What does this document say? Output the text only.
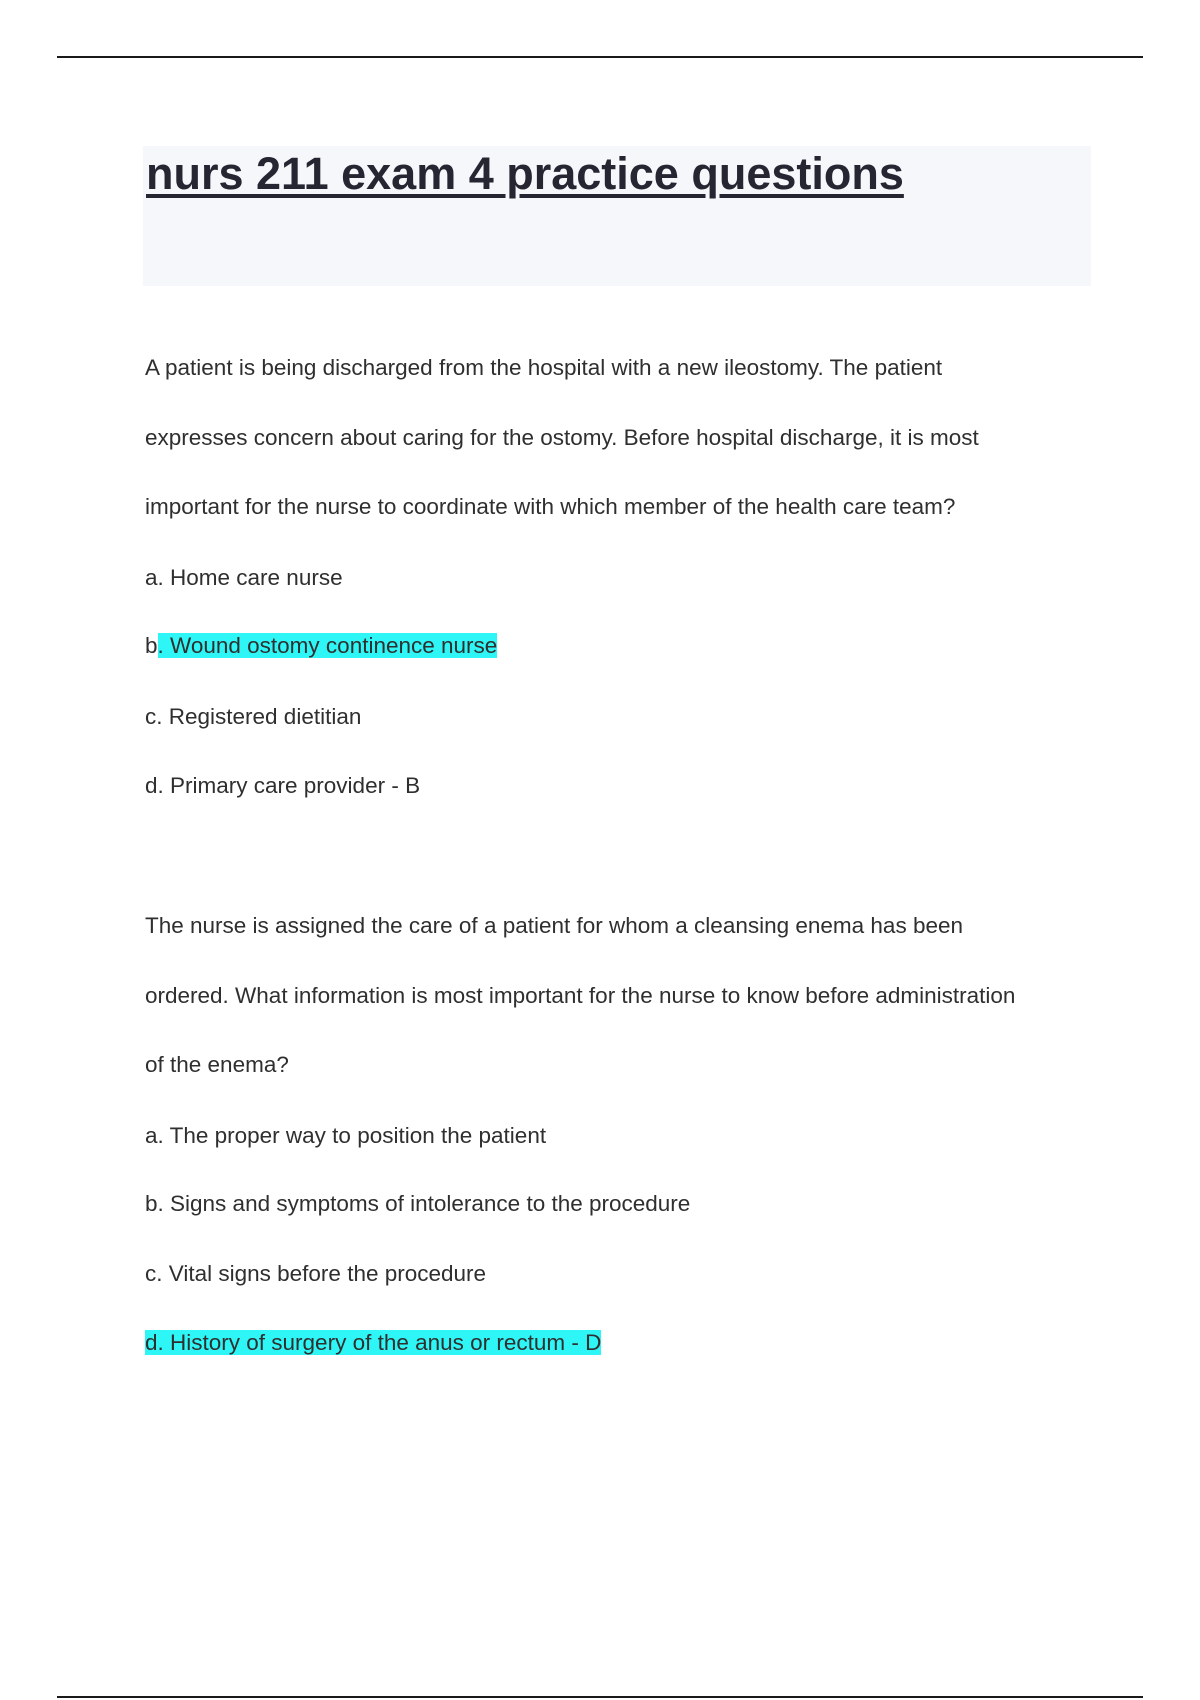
nurs 211 exam 4 practice questions
A patient is being discharged from the hospital with a new ileostomy. The patient
expresses concern about caring for the ostomy. Before hospital discharge, it is most
important for the nurse to coordinate with which member of the health care team?
a. Home care nurse
b. Wound ostomy continence nurse
c. Registered dietitian
d. Primary care provider - B
The nurse is assigned the care of a patient for whom a cleansing enema has been
ordered. What information is most important for the nurse to know before administration
of the enema?
a. The proper way to position the patient
b. Signs and symptoms of intolerance to the procedure
c. Vital signs before the procedure
d. History of surgery of the anus or rectum - D
